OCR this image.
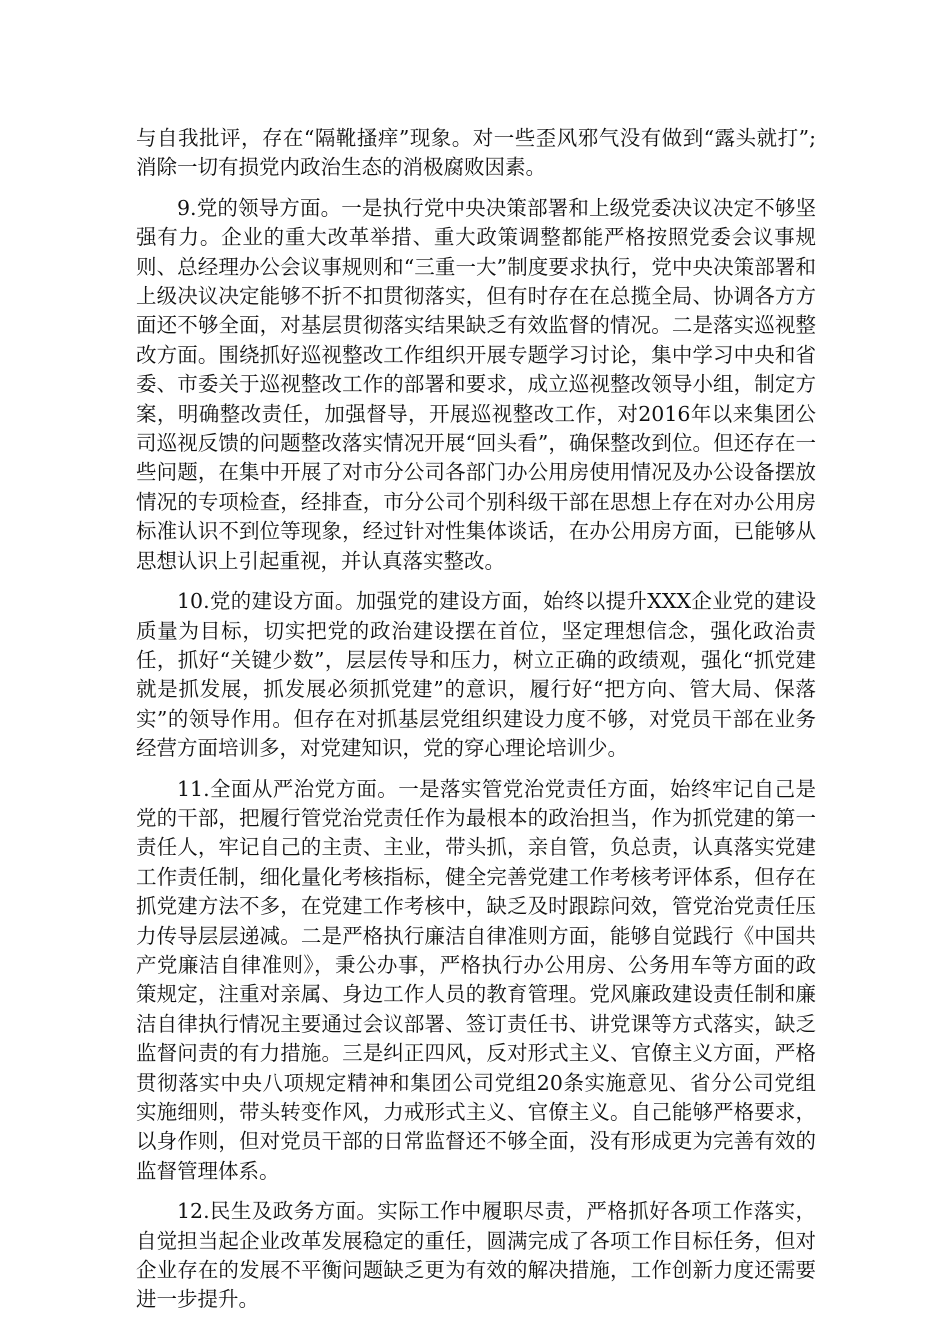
与自我批评，存在“隔靴搔痒”现象。对一些歪风邪气没有做到“露头就打”;消除一切有损党内政治生态的消极腐败因素。

9.党的领导方面。一是执行党中央决策部署和上级党委决议决定不够坚强有力。企业的重大改革举措、重大政策调整都能严格按照党委会议事规则、总经理办公会议事规则和“三重一大”制度要求执行，党中央决策部署和上级决议决定能够不折不扣贯彻落实，但有时存在在总揽全局、协调各方方面还不够全面，对基层贯彻落实结果缺乏有效监督的情况。二是落实巡视整改方面。围绕抓好巡视整改工作组织开展专题学习讨论，集中学习中央和省委、市委关于巡视整改工作的部署和要求，成立巡视整改领导小组，制定方案，明确整改责任，加强督导，开展巡视整改工作，对2016年以来集团公司巡视反馈的问题整改落实情况开展“回头看”，确保整改到位。但还存在一些问题，在集中开展了对市分公司各部门办公用房使用情况及办公设备摆放情况的专项检查，经排查，市分公司个别科级干部在思想上存在对办公用房标准认识不到位等现象，经过针对性集体谈话，在办公用房方面，已能够从思想认识上引起重视，并认真落实整改。

10.党的建设方面。加强党的建设方面，始终以提升XXX企业党的建设质量为目标，切实把党的政治建设摆在首位，坚定理想信念，强化政治责任，抓好“关键少数”，层层传导和压力，树立正确的政绩观，强化“抓党建就是抓发展，抓发展必须抓党建”的意识，履行好“把方向、管大局、保落实”的领导作用。但存在对抓基层党组织建设力度不够，对党员干部在业务经营方面培训多，对党建知识，党的穿心理论培训少。

11.全面从严治党方面。一是落实管党治党责任方面，始终牢记自己是党的干部，把履行管党治党责任作为最根本的政治担当，作为抓党建的第一责任人，牢记自己的主责、主业，带头抓，亲自管，负总责，认真落实党建工作责任制，细化量化考核指标，健全完善党建工作考核考评体系，但存在抓党建方法不多，在党建工作考核中，缺乏及时跟踪问效，管党治党责任压力传导层层递减。二是严格执行廉洁自律准则方面，能够自觉践行《中国共产党廉洁自律准则》，秉公办事，严格执行办公用房、公务用车等方面的政策规定，注重对亲属、身边工作人员的教育管理。党风廉政建设责任制和廉洁自律执行情况主要通过会议部署、签订责任书、讲党课等方式落实，缺乏监督问责的有力措施。三是纠正四风，反对形式主义、官僚主义方面，严格贯彻落实中央八项规定精神和集团公司党组20条实施意见、省分公司党组实施细则，带头转变作风，力戒形式主义、官僚主义。自己能够严格要求，以身作则，但对党员干部的日常监督还不够全面，没有形成更为完善有效的监督管理体系。

12.民生及政务方面。实际工作中履职尽责，严格抓好各项工作落实，自觉担当起企业改革发展稳定的重任，圆满完成了各项工作目标任务，但对企业存在的发展不平衡问题缺乏更为有效的解决措施，工作创新力度还需要进一步提升。
